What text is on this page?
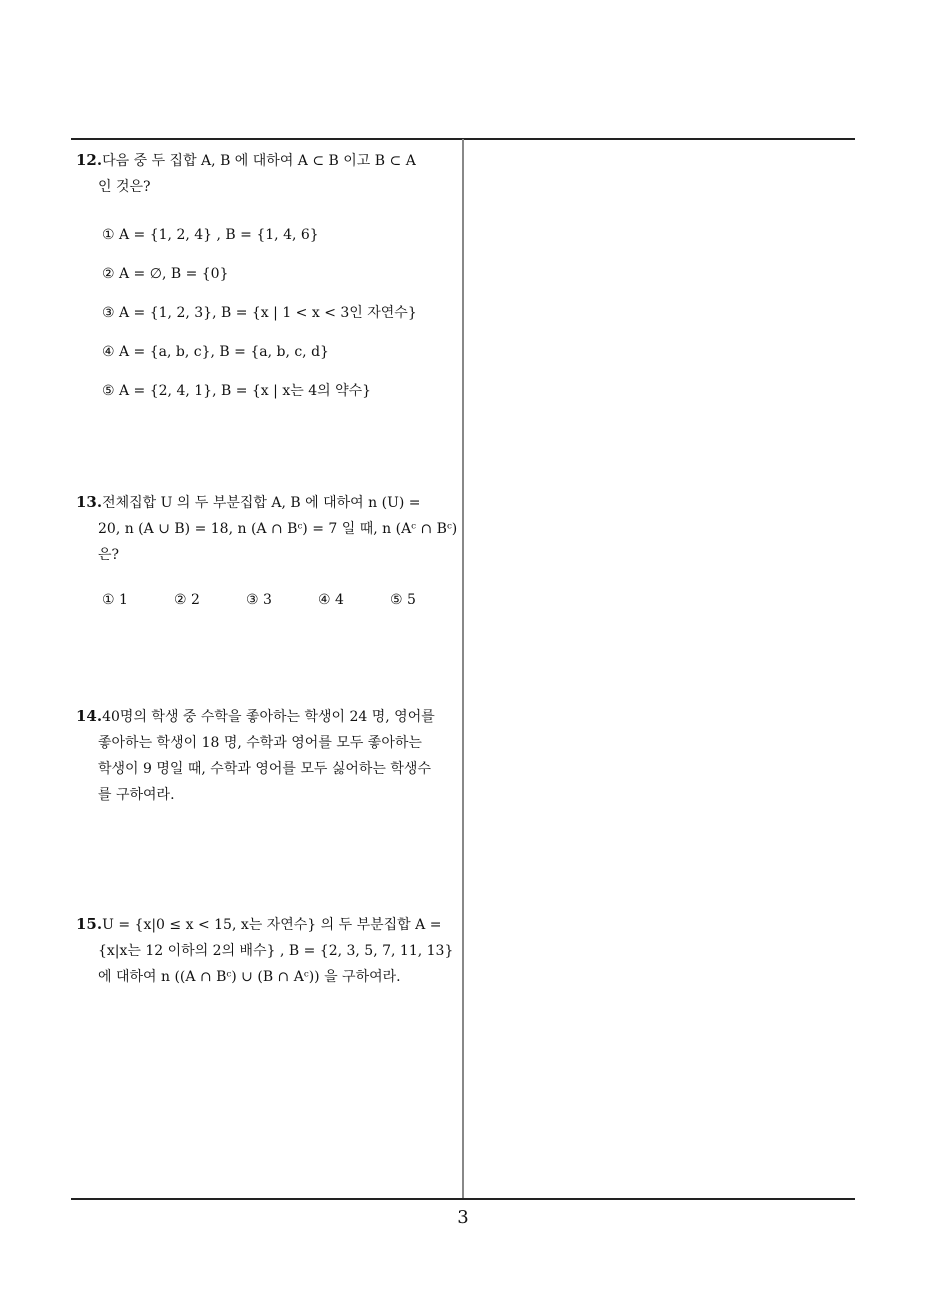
12.다음 중 두 집합 A, B 에 대하여 A ⊂ B 이고 B ⊂ A
인 것은?
① A = {1, 2, 4} , B = {1, 4, 6}
② A = ∅, B = {0}
③ A = {1, 2, 3}, B = {x | 1 < x < 3인 자연수}
④ A = {a, b, c}, B = {a, b, c, d}
⑤ A = {2, 4, 1}, B = {x | x는 4의 약수}
13.전체집합 U 의 두 부분집합 A, B 에 대하여 n (U) =
20, n (A ∪ B) = 18, n (A ∩ Bᶜ) = 7 일 때, n (Aᶜ ∩ Bᶜ)
은?
① 1	② 2	③ 3	④ 4	⑤ 5
14.40명의 학생 중 수학을 좋아하는 학생이 24 명, 영어를
좋아하는 학생이 18 명, 수학과 영어를 모두 좋아하는
학생이 9 명일 때, 수학과 영어를 모두 싫어하는 학생수
를 구하여라.
15.U = {x|0 ≤ x < 15, x는 자연수} 의 두 부분집합 A =
{x|x는 12 이하의 2의 배수} , B = {2, 3, 5, 7, 11, 13}
에 대하여 n ((A ∩ Bᶜ) ∪ (B ∩ Aᶜ)) 을 구하여라.
3
